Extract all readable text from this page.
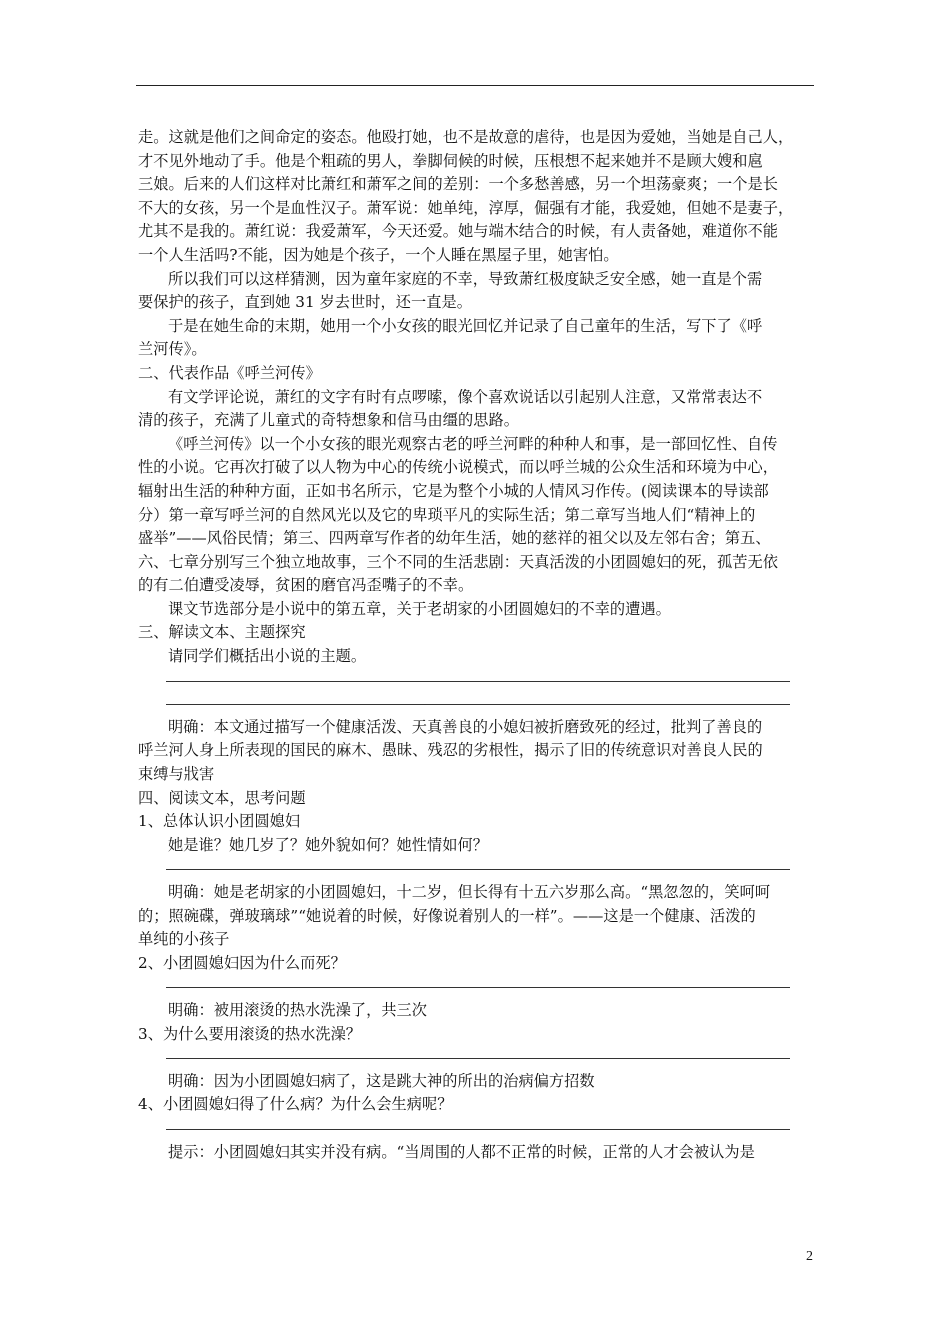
走。这就是他们之间命定的姿态。他殴打她，也不是故意的虐待，也是因为爱她，当她是自己人，

才不见外地动了手。他是个粗疏的男人，拳脚伺候的时候，压根想不起来她并不是顾大嫂和扈

三娘。后来的人们这样对比萧红和萧军之间的差别：一个多愁善感，另一个坦荡豪爽；一个是长

不大的女孩，另一个是血性汉子。萧军说：她单纯，淳厚，倔强有才能，我爱她，但她不是妻子，

尤其不是我的。萧红说：我爱萧军，今天还爱。她与端木结合的时候，有人责备她，难道你不能

一个人生活吗?不能，因为她是个孩子，一个人睡在黑屋子里，她害怕。

所以我们可以这样猜测，因为童年家庭的不幸，导致萧红极度缺乏安全感，她一直是个需

要保护的孩子，直到她 31 岁去世时，还一直是。

于是在她生命的末期，她用一个小女孩的眼光回忆并记录了自己童年的生活，写下了《呼

兰河传》。

二、代表作品《呼兰河传》

有文学评论说，萧红的文字有时有点啰嗦，像个喜欢说话以引起别人注意，又常常表达不

清的孩子，充满了儿童式的奇特想象和信马由缰的思路。

《呼兰河传》以一个小女孩的眼光观察古老的呼兰河畔的种种人和事，是一部回忆性、自传

性的小说。它再次打破了以人物为中心的传统小说模式，而以呼兰城的公众生活和环境为中心，

辐射出生活的种种方面，正如书名所示，它是为整个小城的人情风习作传。(阅读课本的导读部

分）第一章写呼兰河的自然风光以及它的卑琐平凡的实际生活；第二章写当地人们“精神上的

盛举”——风俗民情；第三、四两章写作者的幼年生活，她的慈祥的祖父以及左邻右舍；第五、

六、七章分别写三个独立地故事，三个不同的生活悲剧：天真活泼的小团圆媳妇的死，孤苦无依

的有二伯遭受凌辱，贫困的磨官冯歪嘴子的不幸。

课文节选部分是小说中的第五章，关于老胡家的小团圆媳妇的不幸的遭遇。

三、解读文本、主题探究

请同学们概括出小说的主题。

明确：本文通过描写一个健康活泼、天真善良的小媳妇被折磨致死的经过，批判了善良的

呼兰河人身上所表现的国民的麻木、愚昧、残忍的劣根性，揭示了旧的传统意识对善良人民的

束缚与戕害

四、阅读文本，思考问题

1、总体认识小团圆媳妇

她是谁？她几岁了？她外貌如何？她性情如何？

明确：她是老胡家的小团圆媳妇，十二岁，但长得有十五六岁那么高。“黑忽忽的，笑呵呵

的；照碗碟，弹玻璃球”“她说着的时候，好像说着别人的一样”。——这是一个健康、活泼的

单纯的小孩子

2、小团圆媳妇因为什么而死？

明确：被用滚烫的热水洗澡了，共三次

3、为什么要用滚烫的热水洗澡？

明确：因为小团圆媳妇病了，这是跳大神的所出的治病偏方招数

4、小团圆媳妇得了什么病？为什么会生病呢？

提示：小团圆媳妇其实并没有病。“当周围的人都不正常的时候，正常的人才会被认为是

2
